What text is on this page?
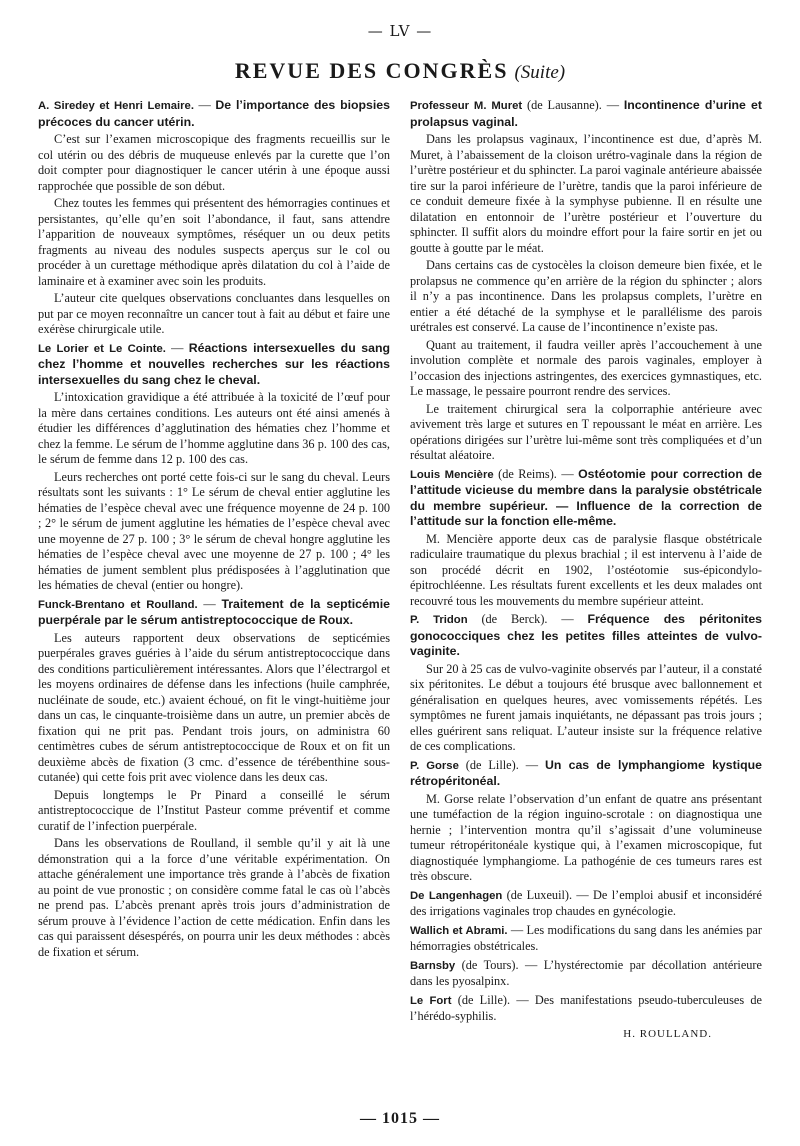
— LV —
REVUE DES CONGRÈS (Suite)

A. Siredey et Henri Lemaire. — De l’importance des biopsies précoces du cancer utérin.

C’est sur l’examen microscopique des fragments recueillis sur le col utérin ou des débris de muqueuse enlevés par la curette que l’on doit compter pour diagnostiquer le cancer utérin à une époque aussi rapprochée que possible de son début.

Chez toutes les femmes qui présentent des hémorragies continues et persistantes, qu’elle qu’en soit l’abondance, il faut, sans attendre l’apparition de nouveaux symptômes, réséquer un ou deux petits fragments au niveau des nodules suspects aperçus sur le col ou procéder à un curettage méthodique après dilatation du col à l’aide de laminaire et à examiner avec soin les produits.

L’auteur cite quelques observations concluantes dans lesquelles on put par ce moyen reconnaître un cancer tout à fait au début et faire une exérèse chirurgicale utile.

Le Lorier et Le Cointe. — Réactions intersexuelles du sang chez l’homme et nouvelles recherches sur les réactions intersexuelles du sang chez le cheval.

L’intoxication gravidique a été attribuée à la toxicité de l’œuf pour la mère dans certaines conditions. Les auteurs ont été ainsi amenés à étudier les différences d’agglutination des hématies chez l’homme et chez la femme. Le sérum de l’homme agglutine dans 36 p. 100 des cas, le sérum de femme dans 12 p. 100 des cas.

Leurs recherches ont porté cette fois-ci sur le sang du cheval. Leurs résultats sont les suivants : 1° Le sérum de cheval entier agglutine les hématies de l’espèce cheval avec une fréquence moyenne de 24 p. 100 ; 2° le sérum de jument agglutine les hématies de l’espèce cheval avec une moyenne de 27 p. 100 ; 3° le sérum de cheval hongre agglutine les hématies de l’espèce cheval avec une moyenne de 27 p. 100 ; 4° les hématies de jument semblent plus prédisposées à l’agglutination que les hématies de cheval (entier ou hongre).

Funck-Brentano et Roulland. — Traitement de la septicémie puerpérale par le sérum antistreptococcique de Roux.

Les auteurs rapportent deux observations de septicémies puerpérales graves guéries à l’aide du sérum antistreptococcique dans des conditions particulièrement intéressantes. Alors que l’électrargol et les moyens ordinaires de défense dans les infections (huile camphrée, nucléinate de soude, etc.) avaient échoué, on fit le vingt-huitième jour dans un cas, le cinquante-troisième dans un autre, un premier abcès de fixation qui ne prit pas. Pendant trois jours, on administra 60 centimètres cubes de sérum antistreptococcique de Roux et on fit un deuxième abcès de fixation (3 cmc. d’essence de térébenthine sous-cutanée) qui cette fois prit avec violence dans les deux cas.

Depuis longtemps le Pr Pinard a conseillé le sérum antistreptococcique de l’Institut Pasteur comme préventif et comme curatif de l’infection puerpérale.

Dans les observations de Roulland, il semble qu’il y ait là une démonstration qui a la force d’une véritable expérimentation. On attache généralement une importance très grande à l’abcès de fixation au point de vue pronostic ; on considère comme fatal le cas où l’abcès ne prend pas. L’abcès prenant après trois jours d’administration de sérum prouve à l’évidence l’action de cette médication. Enfin dans les cas qui paraissent désespérés, on pourra unir les deux méthodes : abcès de fixation et sérum.

Professeur M. Muret (de Lausanne). — Incontinence d’urine et prolapsus vaginal.

Dans les prolapsus vaginaux, l’incontinence est due, d’après M. Muret, à l’abaissement de la cloison urétro-vaginale dans la région de l’urètre postérieur et du sphincter. La paroi vaginale antérieure abaissée tire sur la paroi inférieure de l’urètre, tandis que la paroi inférieure de ce conduit demeure fixée à la symphyse pubienne. Il en résulte une dilatation en entonnoir de l’urètre postérieur et l’ouverture du sphincter. Il suffit alors du moindre effort pour la faire sortir en jet ou goutte à goutte par le méat.

Dans certains cas de cystocèles la cloison demeure bien fixée, et le prolapsus ne commence qu’en arrière de la région du sphincter ; alors il n’y a pas incontinence. Dans les prolapsus complets, l’urètre en entier a été détaché de la symphyse et le parallélisme des parois urétrales est conservé. La cause de l’incontinence n’existe pas.

Quant au traitement, il faudra veiller après l’accouchement à une involution complète et normale des parois vaginales, employer à l’occasion des injections astringentes, des exercices gymnastiques, etc. Le massage, le pessaire pourront rendre des services.

Le traitement chirurgical sera la colporraphie antérieure avec avivement très large et sutures en T repoussant le méat en arrière. Les opérations dirigées sur l’urètre lui-même sont très compliquées et d’un résultat aléatoire.

Louis Mencière (de Reims). — Ostéotomie pour correction de l’attitude vicieuse du membre dans la paralysie obstétricale du membre supérieur. — Influence de la correction de l’attitude sur la fonction elle-même.

M. Mencière apporte deux cas de paralysie flasque obstétricale radiculaire traumatique du plexus brachial ; il est intervenu à l’aide de son procédé décrit en 1902, l’ostéotomie sus-épicondylo-épitrochléenne. Les résultats furent excellents et les deux malades ont recouvré tous les mouvements du membre supérieur atteint.

P. Tridon (de Berck). — Fréquence des péritonites gonococciques chez les petites filles atteintes de vulvo-vaginite.

Sur 20 à 25 cas de vulvo-vaginite observés par l’auteur, il a constaté six péritonites. Le début a toujours été brusque avec ballonnement et généralisation en quelques heures, avec vomissements répétés. Les symptômes ne furent jamais inquiétants, ne dépassant pas trois jours ; elles guérirent sans reliquat. L’auteur insiste sur la fréquence relative de ces complications.

P. Gorse (de Lille). — Un cas de lymphangiome kystique rétropéritonéal.

M. Gorse relate l’observation d’un enfant de quatre ans présentant une tuméfaction de la région inguino-scrotale : on diagnostiqua une hernie ; l’intervention montra qu’il s’agissait d’une volumineuse tumeur rétropéritonéale kystique qui, à l’examen microscopique, fut diagnostiquée lymphangiome. La pathogénie de ces tumeurs rares est très obscure.

De Langenhagen (de Luxeuil). — De l’emploi abusif et inconsidéré des irrigations vaginales trop chaudes en gynécologie.

Wallich et Abrami. — Les modifications du sang dans les anémies par hémorragies obstétricales.

Barnsby (de Tours). — L’hystérectomie par décollation antérieure dans les pyosalpinx.

Le Fort (de Lille). — Des manifestations pseudo-tuberculeuses de l’hérédo-syphilis.

H. ROULLAND.
— 1015 —
